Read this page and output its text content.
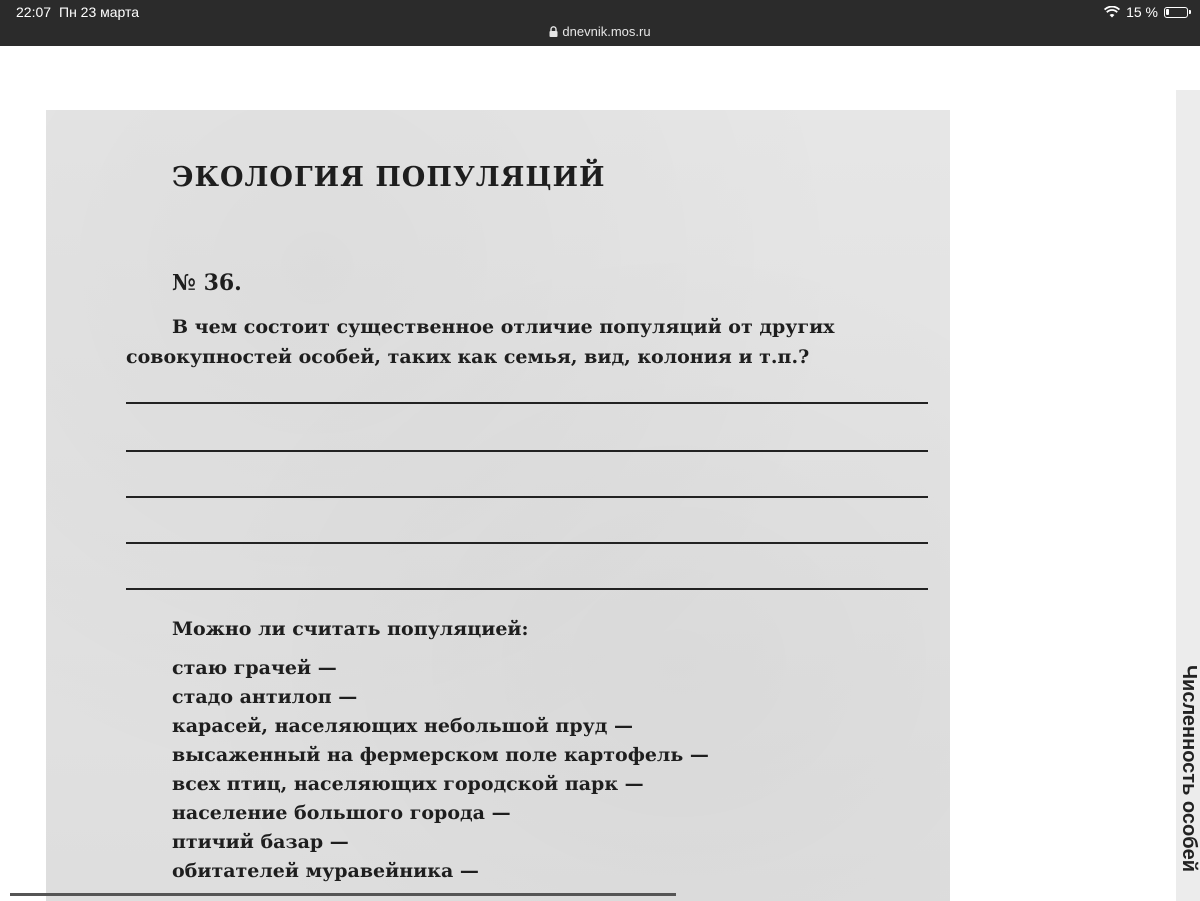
22:07 Пн 23 марта	15 %
dnevnik.mos.ru
ЭКОЛОГИЯ ПОПУЛЯЦИЙ
№ 36.
В чем состоит существенное отличие популяций от других совокупностей особей, таких как семья, вид, колония и т.п.?
Можно ли считать популяцией:
стаю грачей —
стадо антилоп —
карасей, населяющих небольшой пруд —
высаженный на фермерском поле картофель —
всех птиц, населяющих городской парк —
население большого города —
птичий базар —
обитателей муравейника —	Численность особей
